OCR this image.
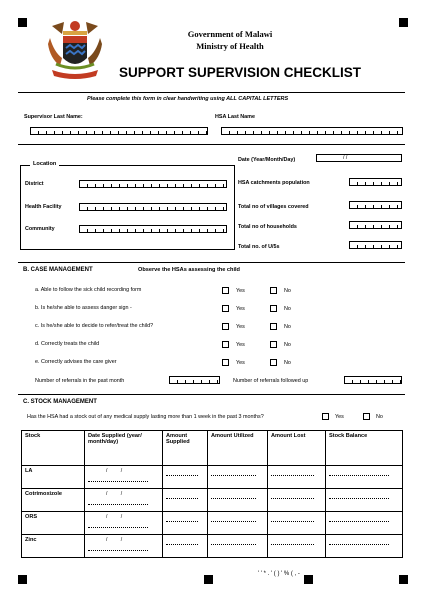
Government of Malawi
Ministry of Health
SUPPORT SUPERVISION CHECKLIST
Please complete this form in clear handwriting using ALL CAPITAL LETTERS
Supervisor Last Name:	HSA Last Name
Location
District
Health Facility
Community
Date (Year/Month/Day)	/ /
HSA catchments population
Total no of villages covered
Total no of households
Total no. of U/5s
B. CASE MANAGEMENT	Observe the HSAs assessing the child
a. Able to follow the sick child recording form	Yes	No
b. Is he/she able to assess danger sign -	Yes	No
c. Is he/she able to decide to refer/treat the child?	Yes	No
d. Correctly treats the child	Yes	No
e. Correctly advises the care giver	Yes	No
Number of referrals in the past month	Number of referrals followed up
C. STOCK MANAGEMENT
Has the HSA had a stock out of any medical supply lasting more than 1 week in the past 3 months?	Yes	No
Stock	Date Supplied (year/ month/day)	Amount Supplied	Amount Utilized	Amount Lost	Stock Balance
LA	/ /

Cotrimoxizole	/ /

ORS	/ /

Zinc	/ /

' ' * . ' ( ) ' % ( , -
